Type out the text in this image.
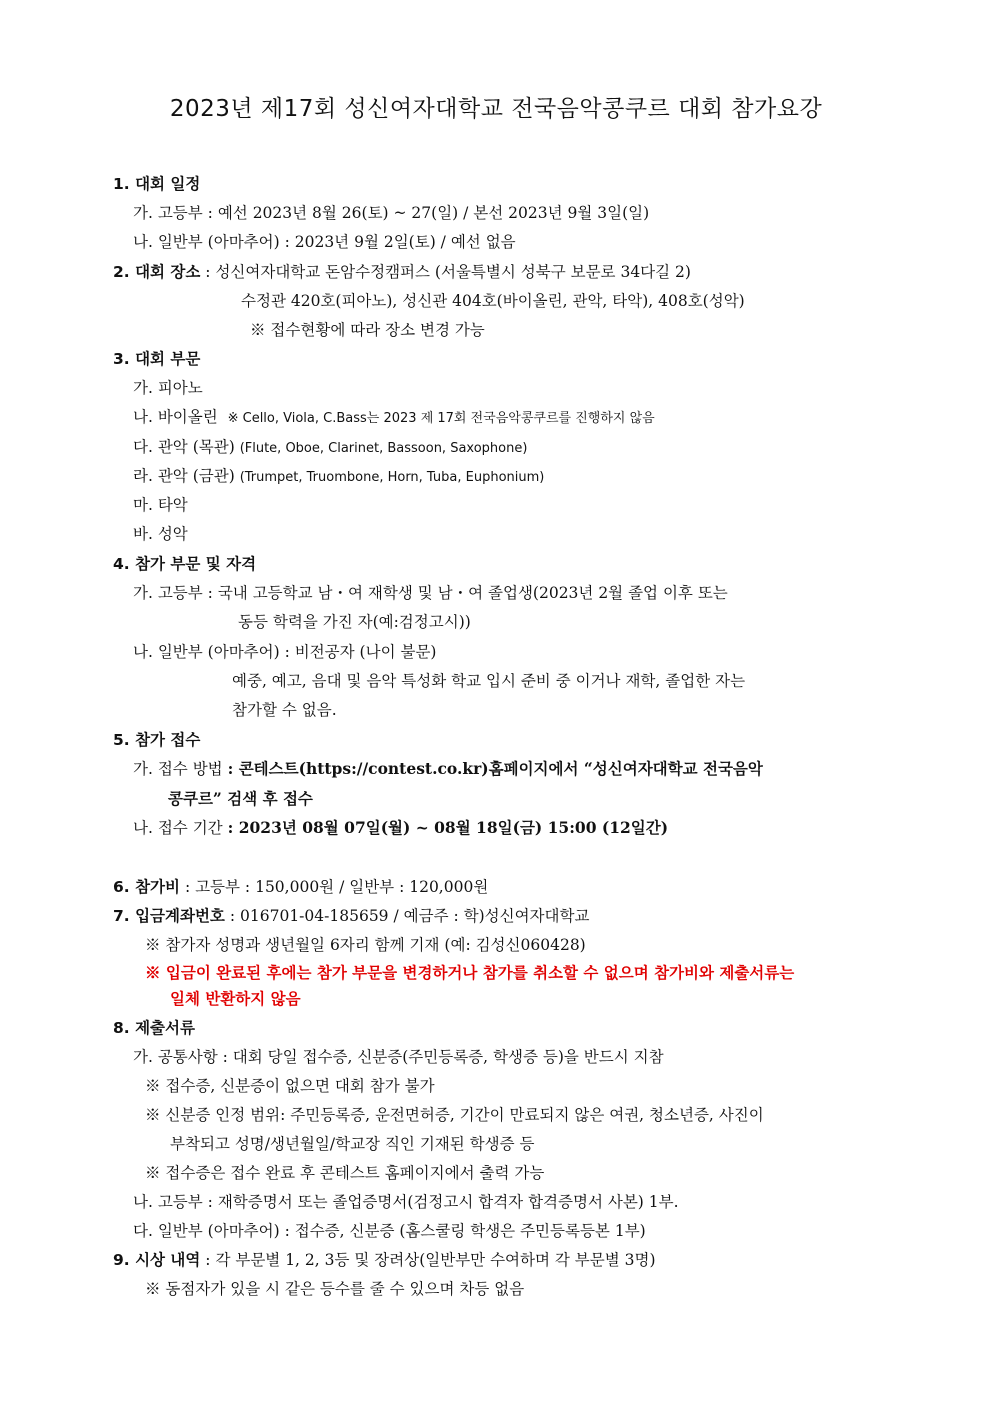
2023년 제17회 성신여자대학교 전국음악콩쿠르 대회 참가요강
1. 대회 일정
가. 고등부 : 예선 2023년 8월 26(토) ~ 27(일) / 본선 2023년 9월 3일(일)
나. 일반부 (아마추어) : 2023년 9월 2일(토) / 예선 없음
2. 대회 장소 : 성신여자대학교 돈암수정캠퍼스 (서울특별시 성북구 보문로 34다길 2)
수정관 420호(피아노), 성신관 404호(바이올린, 관악, 타악), 408호(성악)
※ 접수현황에 따라 장소 변경 가능
3. 대회 부문
가. 피아노
나. 바이올린 ※ Cello, Viola, C.Bass는 2023 제 17회 전국음악콩쿠르를 진행하지 않음
다. 관악 (목관) (Flute, Oboe, Clarinet, Bassoon, Saxophone)
라. 관악 (금관) (Trumpet, Truombone, Horn, Tuba, Euphonium)
마. 타악
바. 성악
4. 참가 부문 및 자격
가. 고등부 : 국내 고등학교 남・여 재학생 및 남・여 졸업생(2023년 2월 졸업 이후 또는
동등 학력을 가진 자(예:검정고시))
나. 일반부 (아마추어) : 비전공자 (나이 불문)
예중, 예고, 음대 및 음악 특성화 학교 입시 준비 중 이거나 재학, 졸업한 자는
참가할 수 없음.
5. 참가 접수
가. 접수 방법 : 콘테스트(https://contest.co.kr)홈페이지에서 “성신여자대학교 전국음악
콩쿠르” 검색 후 접수
나. 접수 기간 : 2023년 08월 07일(월) ~ 08월 18일(금) 15:00 (12일간)
6. 참가비 : 고등부 : 150,000원 / 일반부 : 120,000원
7. 입금계좌번호 : 016701-04-185659 / 예금주 : 학)성신여자대학교
※ 참가자 성명과 생년월일 6자리 함께 기재 (예: 김성신060428)
※ 입금이 완료된 후에는 참가 부문을 변경하거나 참가를 취소할 수 없으며 참가비와 제출서류는
일체 반환하지 않음
8. 제출서류
가. 공통사항 : 대회 당일 접수증, 신분증(주민등록증, 학생증 등)을 반드시 지참
※ 접수증, 신분증이 없으면 대회 참가 불가
※ 신분증 인정 범위: 주민등록증, 운전면허증, 기간이 만료되지 않은 여권, 청소년증, 사진이
부착되고 성명/생년월일/학교장 직인 기재된 학생증 등
※ 접수증은 접수 완료 후 콘테스트 홈페이지에서 출력 가능
나. 고등부 : 재학증명서 또는 졸업증명서(검정고시 합격자 합격증명서 사본) 1부.
다. 일반부 (아마추어) : 접수증, 신분증 (홈스쿨링 학생은 주민등록등본 1부)
9. 시상 내역 : 각 부문별 1, 2, 3등 및 장려상(일반부만 수여하며 각 부문별 3명)
※ 동점자가 있을 시 같은 등수를 줄 수 있으며 차등 없음
